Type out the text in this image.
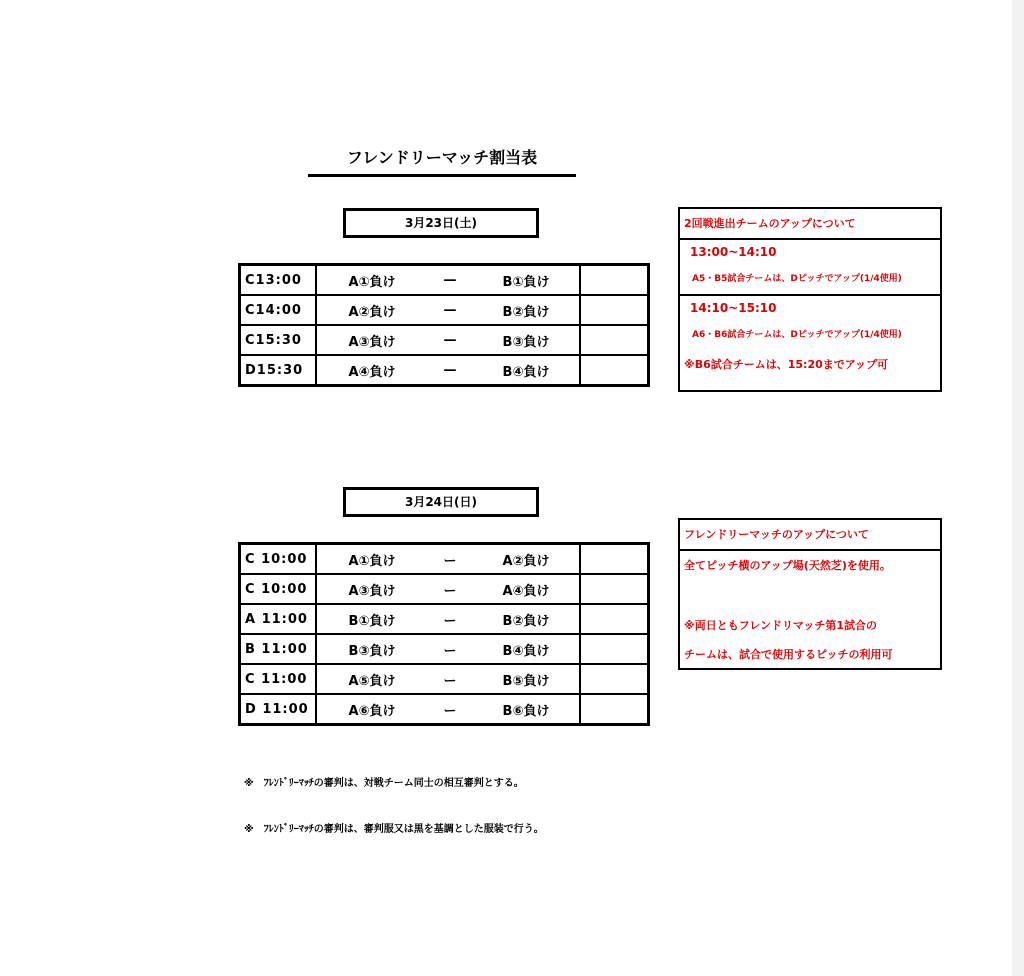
フレンドリーマッチ割当表
3月23日(土)
C13:00	A①負け — B①負け	

C14:00	A②負け — B②負け	

C15:30	A③負け — B③負け	

D15:30	A④負け — B④負け	

2回戦進出チームのアップについて
13:00~14:10
A5・B5試合チームは、Dピッチでアップ(1/4使用)
14:10~15:10
A6・B6試合チームは、Dピッチでアップ(1/4使用)
※B6試合チームは、15:20までアップ可
3月24日(日)
C 10:00	A①負け ー A②負け	

C 10:00	A③負け ー A④負け	

A 11:00	B①負け ー B②負け	

B 11:00	B③負け ー B④負け	

C 11:00	A⑤負け ー B⑤負け	

D 11:00	A⑥負け ー B⑥負け	

フレンドリーマッチのアップについて
全てピッチ横のアップ場(天然芝)を使用。
※両日ともフレンドリマッチ第1試合の
チームは、試合で使用するピッチの利用可
※　ﾌﾚﾝﾄﾞﾘｰﾏｯﾁの審判は、対戦チーム同士の相互審判とする。
※　ﾌﾚﾝﾄﾞﾘｰﾏｯﾁの審判は、審判服又は黒を基調とした服装で行う。
